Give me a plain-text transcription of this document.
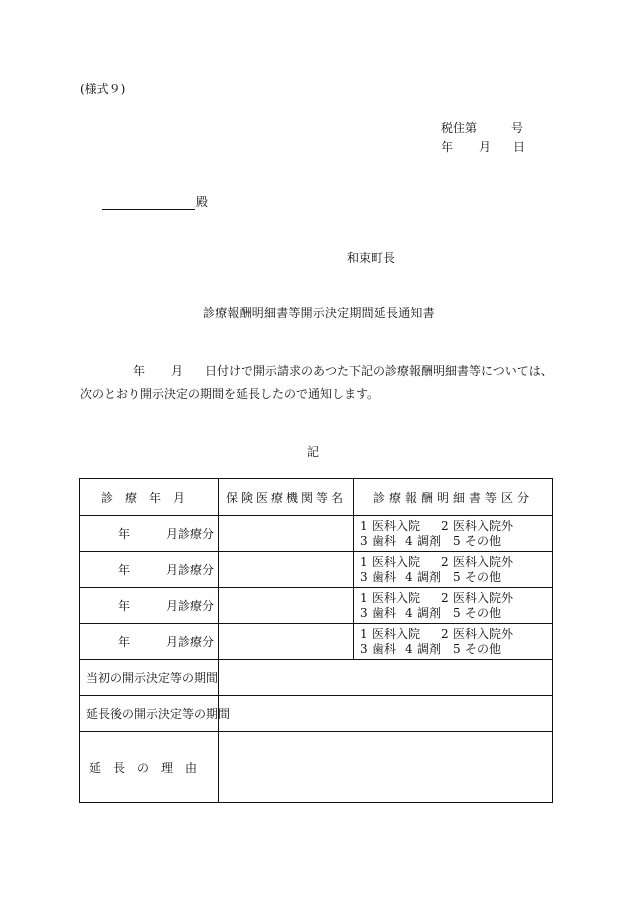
(様式９)
税住第	号
年 月 日
殿
和束町長
診療報酬明細書等開示決定期間延長通知書
年 月 日付けで開示請求のあつた下記の診療報酬明細書等については、
次のとおり開示決定の期間を延長したので通知します。
記
診療年月	保険医療機関等名	診療報酬明細書等区分
年 月診療分		1 医科入院 2 医科入院外
3 歯科 4 調剤 5 その他

年 月診療分		1 医科入院 2 医科入院外
3 歯科 4 調剤 5 その他

年 月診療分		1 医科入院 2 医科入院外
3 歯科 4 調剤 5 その他

年 月診療分		1 医科入院 2 医科入院外
3 歯科 4 調剤 5 その他

当初の開示決定等の期間		
延長後の開示決定等の期間		
延長の理由		
